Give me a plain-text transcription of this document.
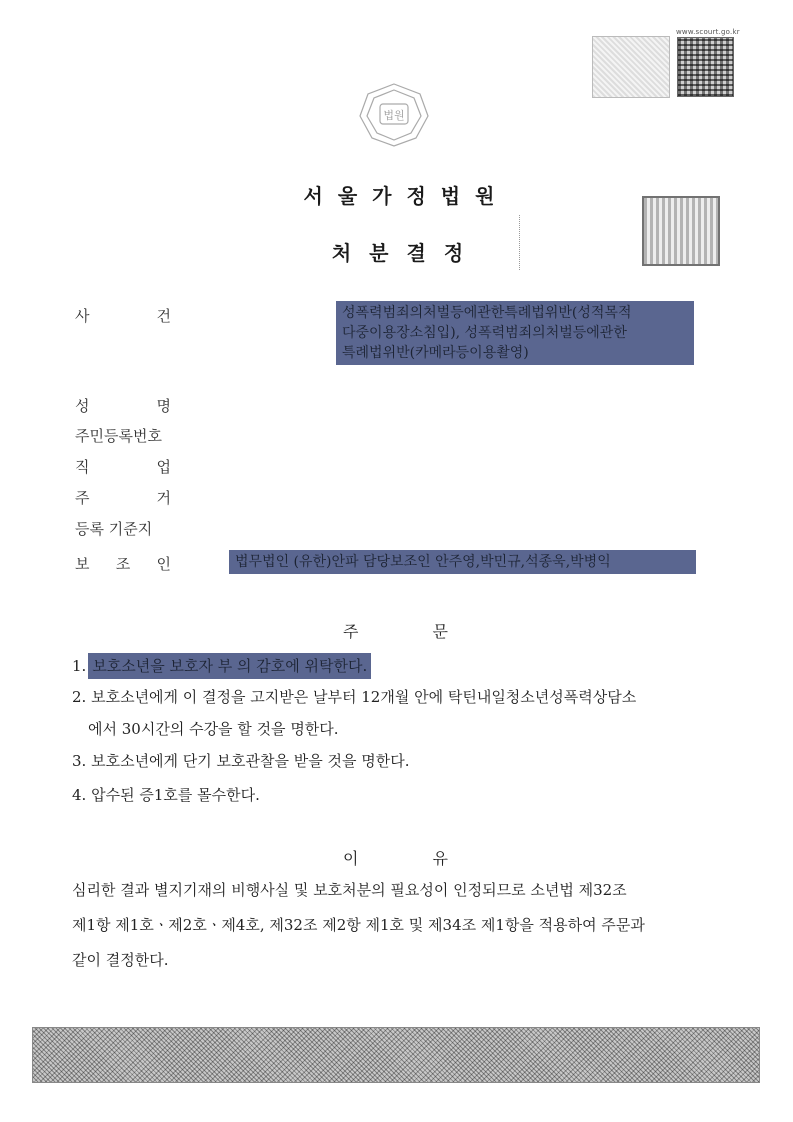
www.scourt.go.kr
법원
서울가정법원
처분결정
사	건	성폭력범죄의처벌등에관한특례법위반(성적목적
다중이용장소침입), 성폭력범죄의처벌등에관한
특례법위반(카메라등이용촬영)
성	명
주민등록번호
직	업
주	거
등록 기준지
보 조 인	법무법인 (유한)안파 담당보조인 안주영,박민규,석종욱,박병익
주	문
1. 보호소년을 보호자 부 의 감호에 위탁한다.
2. 보호소년에게 이 결정을 고지받은 날부터 12개월 안에 탁틴내일청소년성폭력상담소
에서 30시간의 수강을 할 것을 명한다.
3. 보호소년에게 단기 보호관찰을 받을 것을 명한다.
4. 압수된 증1호를 몰수한다.
이	유
심리한 결과 별지기재의 비행사실 및 보호처분의 필요성이 인정되므로 소년법 제32조
제1항 제1호ㆍ제2호ㆍ제4호, 제32조 제2항 제1호 및 제34조 제1항을 적용하여 주문과
같이 결정한다.
